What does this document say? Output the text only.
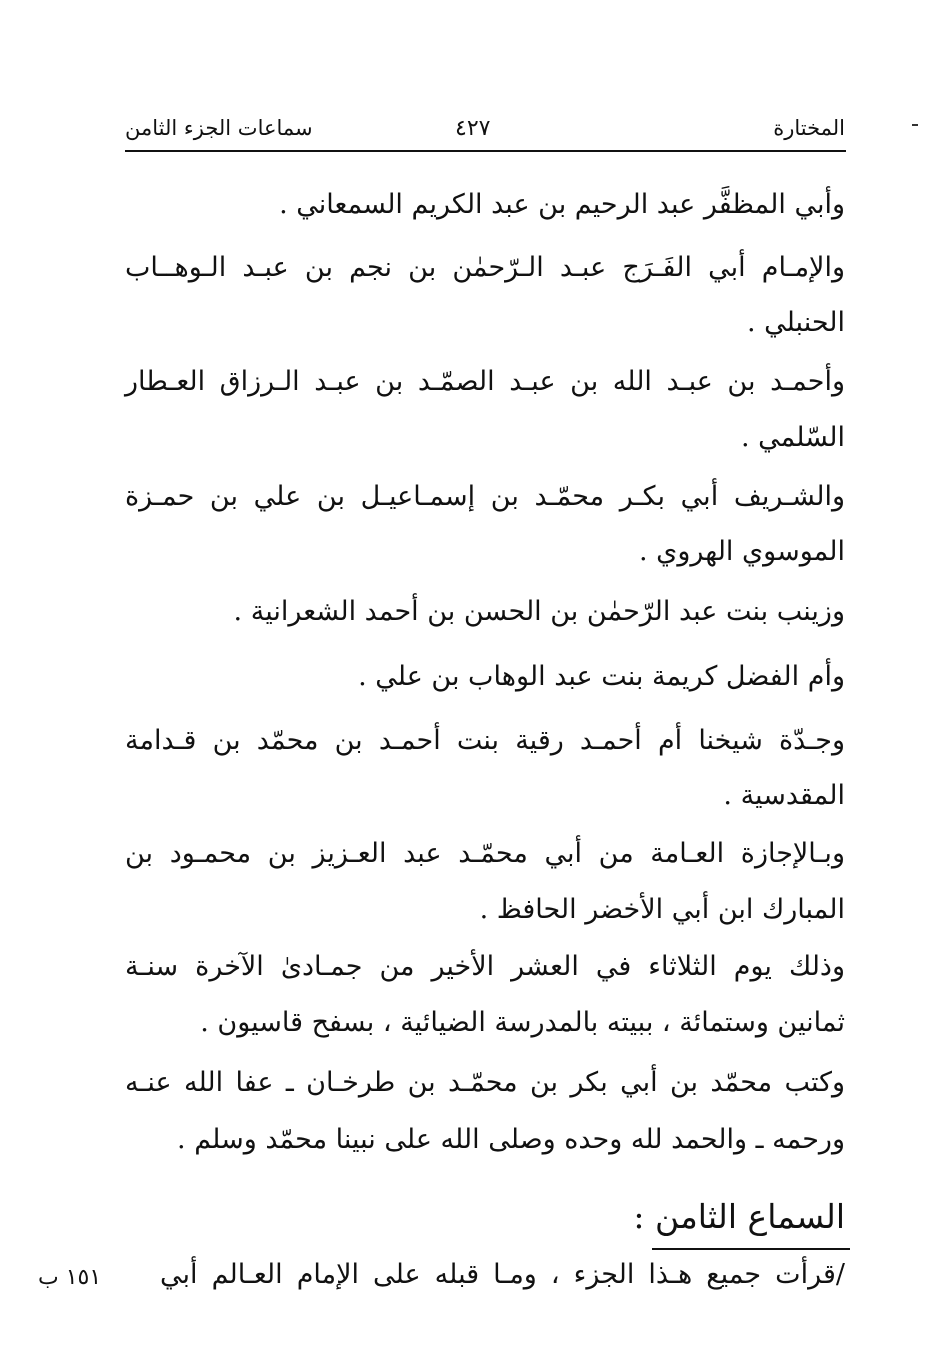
المختارة
٤٢٧
سماعات الجزء الثامن
وأبي المظفَّر عبد الرحيم بن عبد الكريم السمعاني .
والإمـام أبي الفَـرَج عبـد الـرّحمٰن بن نجم بن عبـد الـوهــاب
الحنبلي .
وأحمـد بن عبـد الله بن عبـد الصمّـد بن عبـد الـرزاق العـطار
السّلمي .
والشـريف أبي بكـر محمّـد بن إسمـاعيـل بن علي بن حمـزة
الموسوي الهروي .
وزينب بنت عبد الرّحمٰن بن الحسن بن أحمد الشعرانية .
وأم الفضل كريمة بنت عبد الوهاب بن علي .
وجـدّة شيخنا أم أحمـد رقية بنت أحمـد بن محمّد بن قـدامة
المقدسية .
وبـالإجازة العـامة من أبي محمّـد عبد العـزيز بن محمـود بن
المبارك ابن أبي الأخضر الحافظ .
وذلك يوم الثلاثاء في العشر الأخير من جمـادىٰ الآخرة سنـة
ثمانين وستمائة ، ببيته بالمدرسة الضيائية ، بسفح قاسيون .
وكتب محمّد بن أبي بكر بن محمّـد بن طرخـان ـ عفا الله عنـه
ورحمه ـ والحمد لله وحده وصلى الله على نبينا محمّد وسلم .
السماع الثامن :
/قرأت جميع هـذا الجزء ، ومـا قبله على الإمام العـالم أبي
١٥١ ب
